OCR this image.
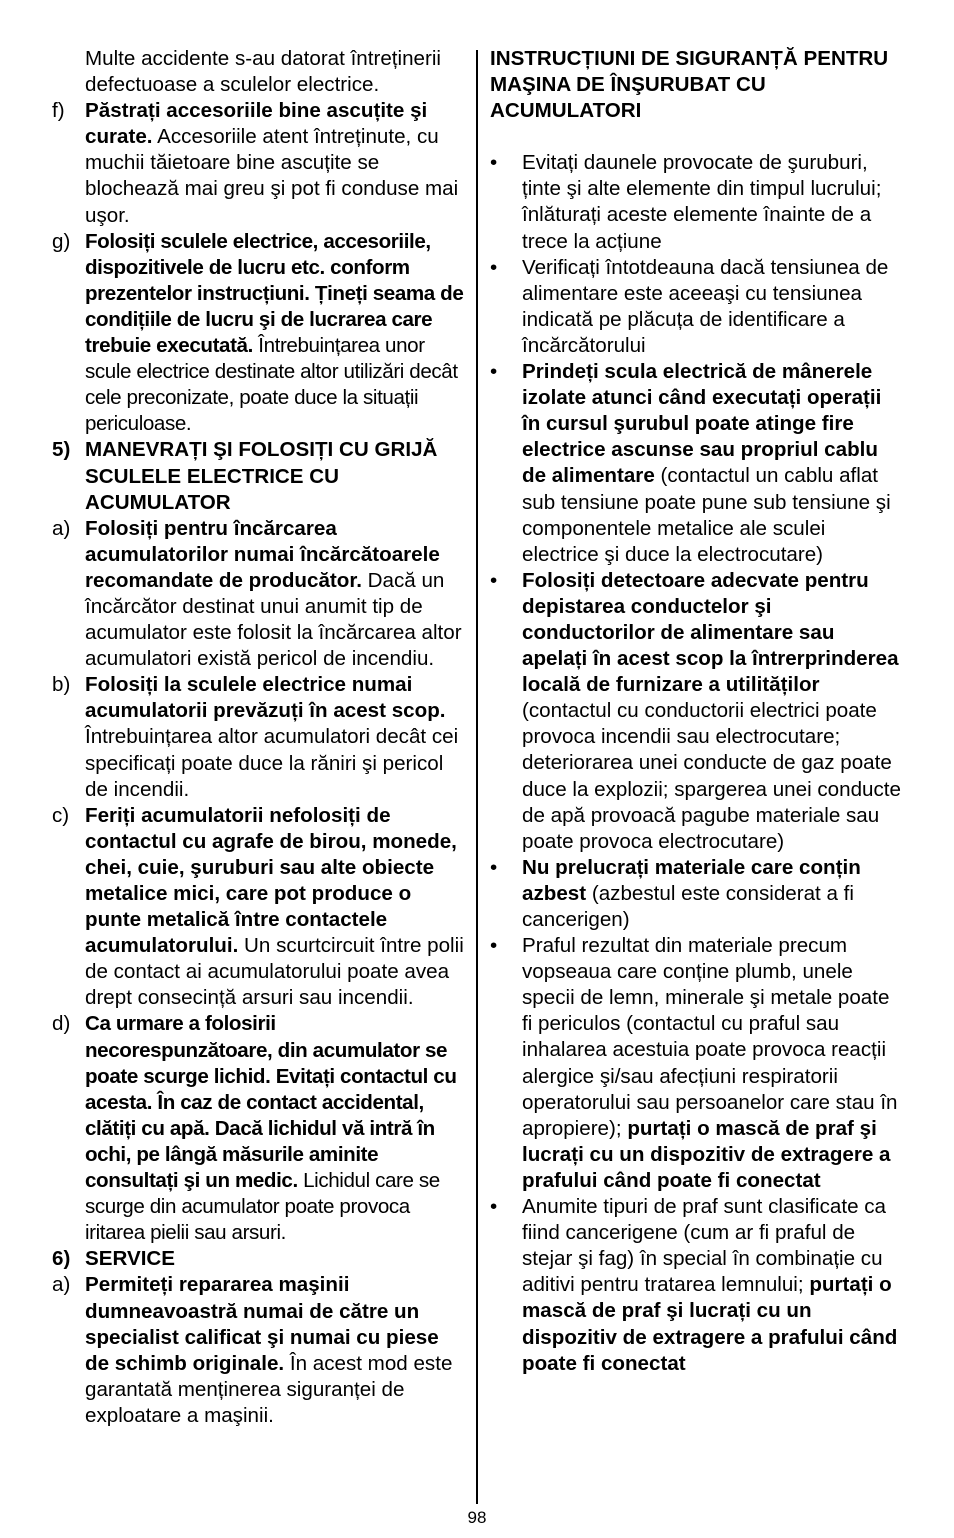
Multe accidente s-au datorat întreținerii defectuoase a sculelor electrice.
f) Păstrați accesoriile bine ascuțite şi curate. Accesoriile atent întreținute, cu muchii tăietoare bine ascuțite se blochează mai greu şi pot fi conduse mai uşor.
g) Folosiți sculele electrice, accesoriile, dispozitivele de lucru etc. conform prezentelor instrucțiuni. Țineți seama de condițiile de lucru şi de lucrarea care trebuie executată. Întrebuințarea unor scule electrice destinate altor utilizări decât cele preconizate, poate duce la situații periculoase.
5) MANEVRAȚI ŞI FOLOSIȚI CU GRIJĂ SCULELE ELECTRICE CU ACUMULATOR
a) Folosiți pentru încărcarea acumulatorilor numai încărcătoarele recomandate de producător. Dacă un încărcător destinat unui anumit tip de acumulator este folosit la încărcarea altor acumulatori există pericol de incendiu.
b) Folosiți la sculele electrice numai acumulatorii prevăzuți în acest scop. Întrebuințarea altor acumulatori decât cei specificați poate duce la răniri şi pericol de incendii.
c) Feriți acumulatorii nefolosiți de contactul cu agrafe de birou, monede, chei, cuie, şuruburi sau alte obiecte metalice mici, care pot produce o punte metalică între contactele acumulatorului. Un scurtcircuit între polii de contact ai acumulatorului poate avea drept consecință arsuri sau incendii.
d) Ca urmare a folosirii necorespunzătoare, din acumulator se poate scurge lichid. Evitați contactul cu acesta. În caz de contact accidental, clătiți cu apă. Dacă lichidul vă intră în ochi, pe lângă măsurile aminite consultați şi un medic. Lichidul care se scurge din acumulator poate provoca iritarea pielii sau arsuri.
6) SERVICE
a) Permiteți repararea maşinii dumneavoastră numai de către un specialist calificat şi numai cu piese de schimb originale. În acest mod este garantată menținerea siguranței de exploatare a maşinii.
INSTRUCȚIUNI DE SIGURANȚĂ PENTRU MAŞINA DE ÎNŞURUBAT CU ACUMULATORI
• Evitați daunele provocate de şuruburi, ținte şi alte elemente din timpul lucrului; înlăturați aceste elemente înainte de a trece la acțiune
• Verificați întotdeauna dacă tensiunea de alimentare este aceeaşi cu tensiunea indicată pe plăcuța de identificare a încărcătorului
• Prindeți scula electrică de mânerele izolate atunci când executați operații în cursul şurubul poate atinge fire electrice ascunse sau propriul cablu de alimentare (contactul un cablu aflat sub tensiune poate pune sub tensiune şi componentele metalice ale sculei electrice şi duce la electrocutare)
• Folosiți detectoare adecvate pentru depistarea conductelor şi conductorilor de alimentare sau apelați în acest scop la întrerprinderea locală de furnizare a utilităților (contactul cu conductorii electrici poate provoca incendii sau electrocutare; deteriorarea unei conducte de gaz poate duce la explozii; spargerea unei conducte de apă provoacă pagube materiale sau poate provoca electrocutare)
• Nu prelucrați materiale care conțin azbest (azbestul este considerat a fi cancerigen)
• Praful rezultat din materiale precum vopseaua care conține plumb, unele specii de lemn, minerale şi metale poate fi periculos (contactul cu praful sau inhalarea acestuia poate provoca reacții alergice şi/sau afecțiuni respiratorii operatorului sau persoanelor care stau în apropiere); purtați o mască de praf şi lucrați cu un dispozitiv de extragere a prafului când poate fi conectat
• Anumite tipuri de praf sunt clasificate ca fiind cancerigene (cum ar fi praful de stejar şi fag) în special în combinație cu aditivi pentru tratarea lemnului; purtați o mască de praf şi lucrați cu un dispozitiv de extragere a prafului când poate fi conectat
98
